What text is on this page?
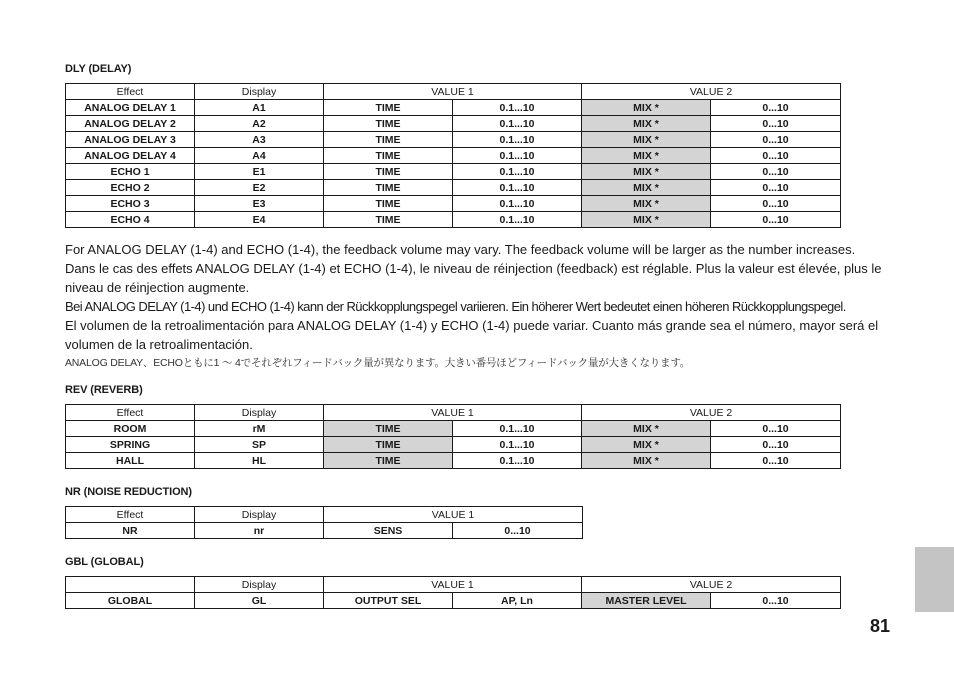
DLY (DELAY)
Effect	Display	VALUE 1		VALUE 2	
ANALOG DELAY 1	A1	TIME	0.1...10	MIX *	0...10
ANALOG DELAY 2	A2	TIME	0.1...10	MIX *	0...10
ANALOG DELAY 3	A3	TIME	0.1...10	MIX *	0...10
ANALOG DELAY 4	A4	TIME	0.1...10	MIX *	0...10
ECHO 1	E1	TIME	0.1...10	MIX *	0...10
ECHO 2	E2	TIME	0.1...10	MIX *	0...10
ECHO 3	E3	TIME	0.1...10	MIX *	0...10
ECHO 4	E4	TIME	0.1...10	MIX *	0...10

For ANALOG DELAY (1-4) and ECHO (1-4), the feedback volume may vary. The feedback volume will be larger as the number increases.

Dans le cas des effets ANALOG DELAY (1-4) et ECHO (1-4), le niveau de réinjection (feedback) est réglable. Plus la valeur est élevée, plus le niveau de réinjection augmente.

Bei ANALOG DELAY (1-4) und ECHO (1-4) kann der Rückkopplungspegel variieren. Ein höherer Wert bedeutet einen höheren Rückkopplungspegel.

El volumen de la retroalimentación para ANALOG DELAY (1-4) y ECHO (1-4) puede variar. Cuanto más grande sea el número, mayor será el volumen de la retroalimentación.

ANALOG DELAY、ECHOともに1 ～ 4でそれぞれフィードバック量が異なります。大きい番号ほどフィードバック量が大きくなります。

REV (REVERB)
Effect	Display	VALUE 1		VALUE 2	
ROOM	rM	TIME	0.1...10	MIX *	0...10
SPRING	SP	TIME	0.1...10	MIX *	0...10
HALL	HL	TIME	0.1...10	MIX *	0...10
NR (NOISE REDUCTION)
Effect	Display	VALUE 1	
NR	nr	SENS	0...10
GBL (GLOBAL)
	Display	VALUE 1		VALUE 2	
GLOBAL	GL	OUTPUT SEL	AP, Ln	MASTER LEVEL	0...10
81
